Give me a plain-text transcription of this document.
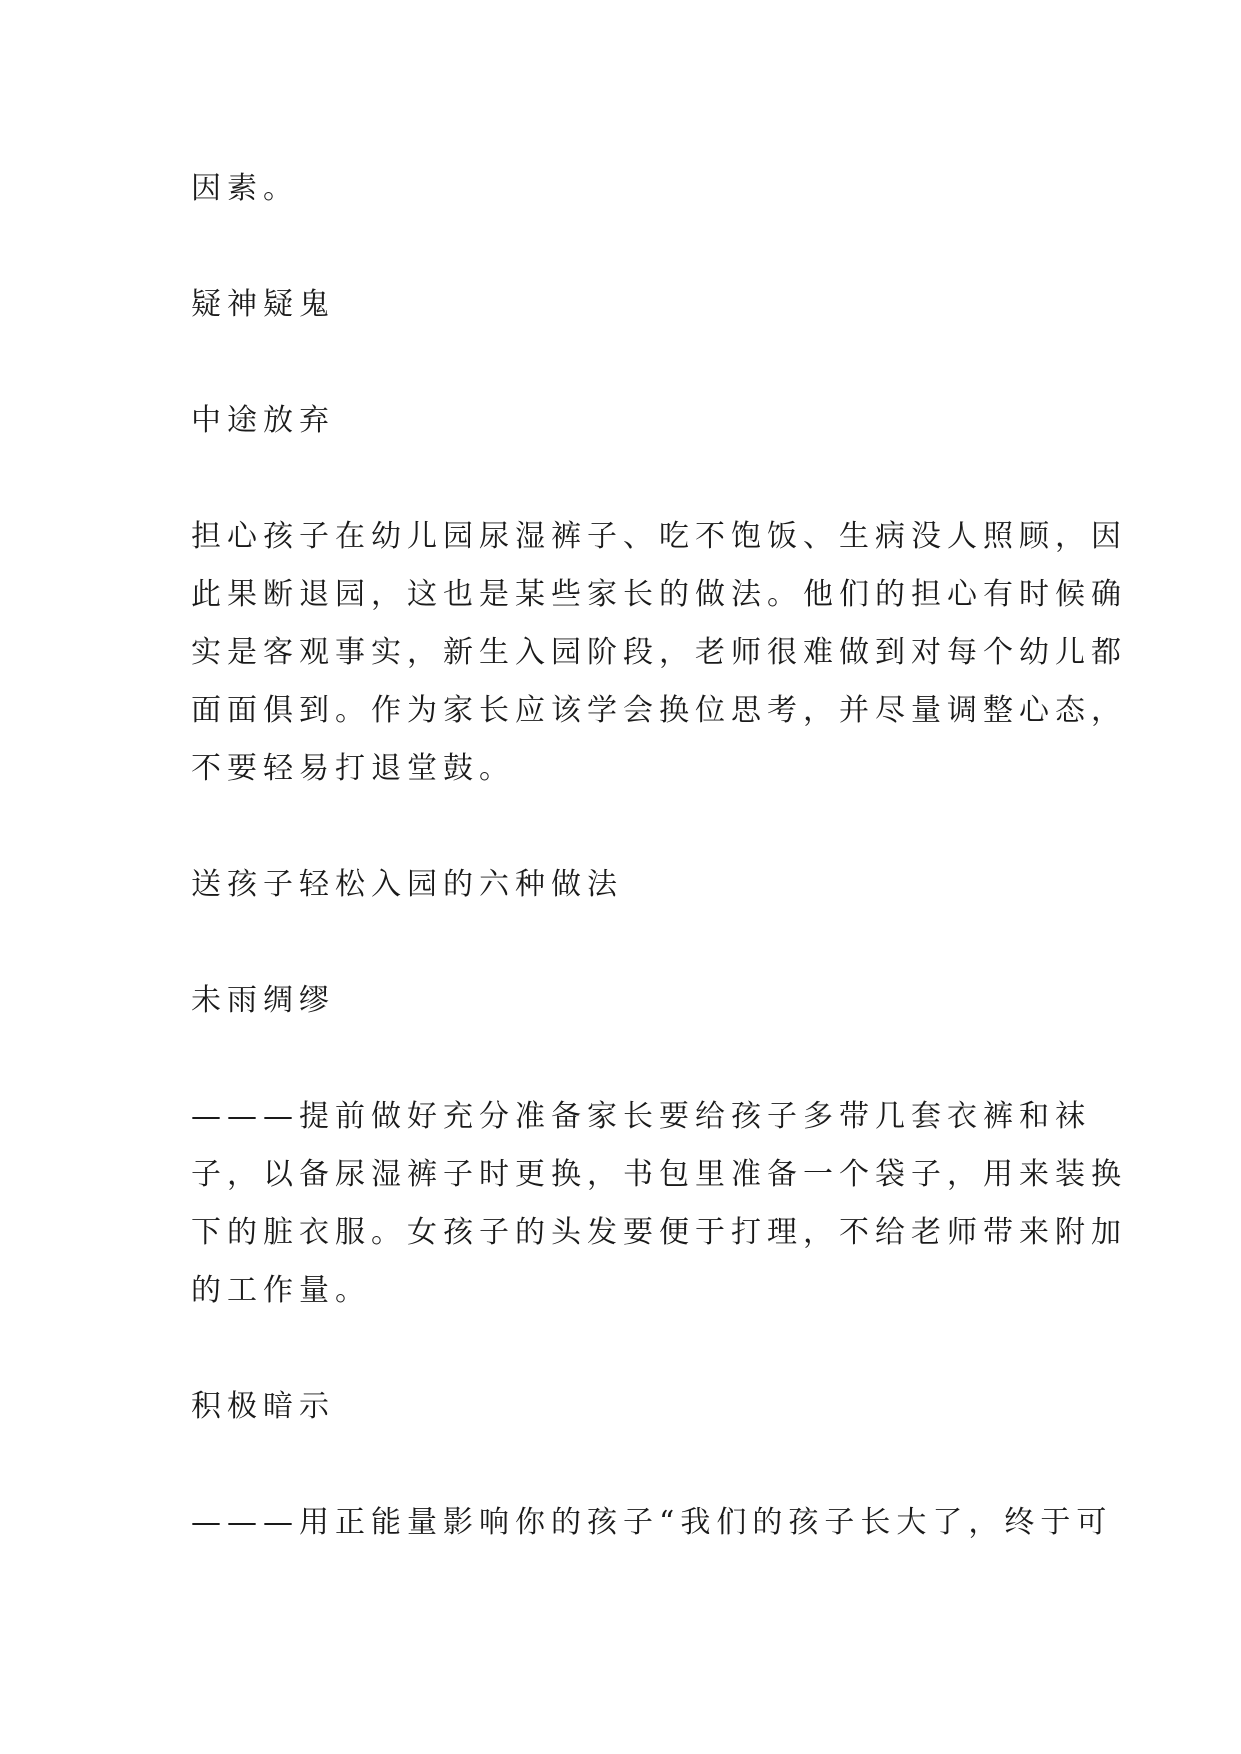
因素。
疑神疑鬼
中途放弃
担心孩子在幼儿园尿湿裤子、吃不饱饭、生病没人照顾，因
此果断退园，这也是某些家长的做法。他们的担心有时候确
实是客观事实，新生入园阶段，老师很难做到对每个幼儿都
面面俱到。作为家长应该学会换位思考，并尽量调整心态，
不要轻易打退堂鼓。
送孩子轻松入园的六种做法
未雨绸缪
———提前做好充分准备家长要给孩子多带几套衣裤和袜
子，以备尿湿裤子时更换，书包里准备一个袋子，用来装换
下的脏衣服。女孩子的头发要便于打理，不给老师带来附加
的工作量。
积极暗示
———用正能量影响你的孩子“我们的孩子长大了，终于可
